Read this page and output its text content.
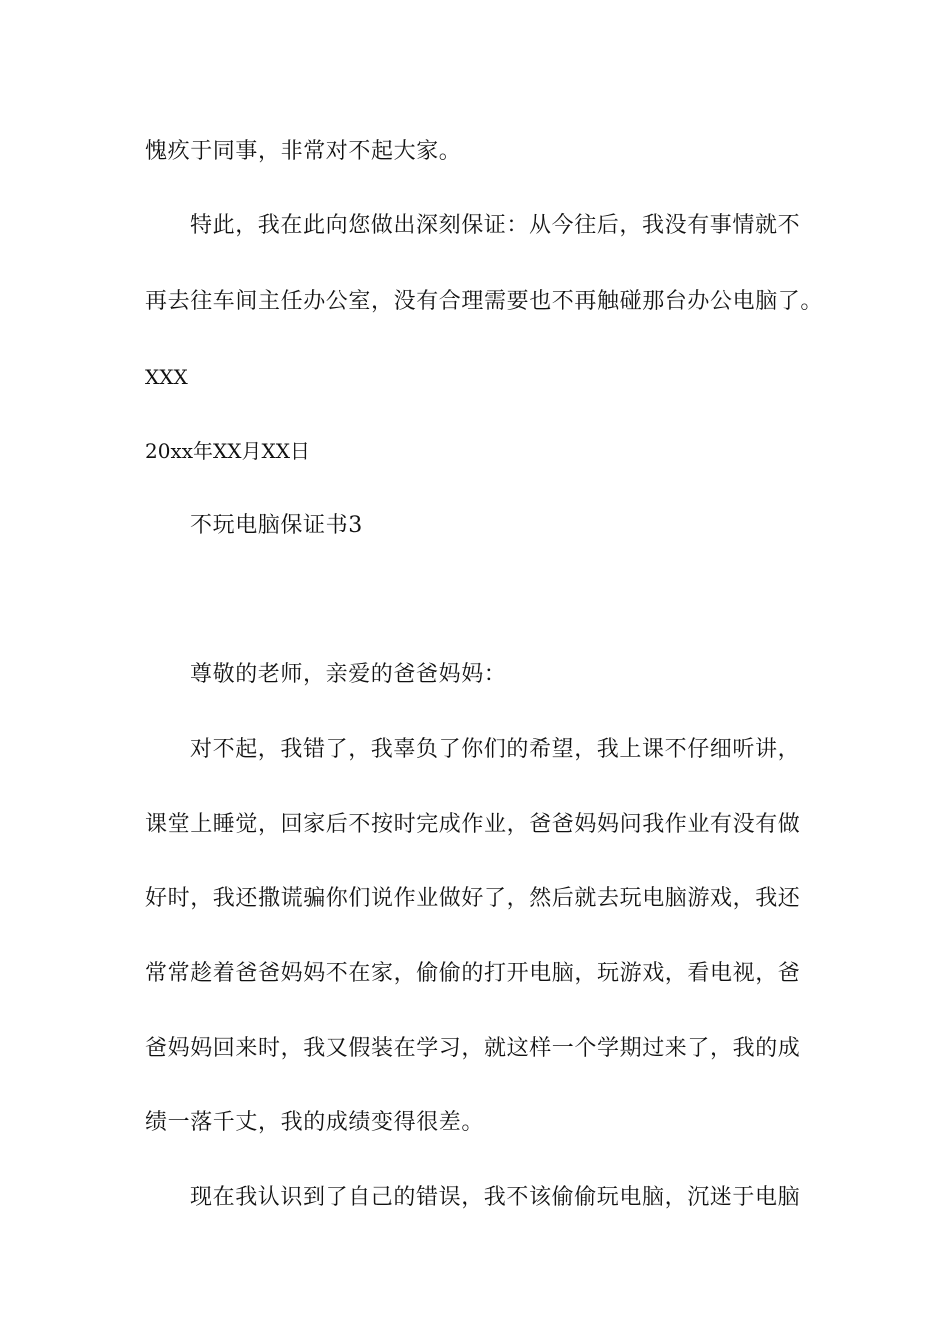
愧疚于同事，非常对不起大家。
特此，我在此向您做出深刻保证：从今往后，我没有事情就不
再去往车间主任办公室，没有合理需要也不再触碰那台办公电脑了。
XXX
20xx年XX月XX日
不玩电脑保证书3
尊敬的老师，亲爱的爸爸妈妈：
对不起，我错了，我辜负了你们的希望，我上课不仔细听讲，
课堂上睡觉，回家后不按时完成作业，爸爸妈妈问我作业有没有做
好时，我还撒谎骗你们说作业做好了，然后就去玩电脑游戏，我还
常常趁着爸爸妈妈不在家，偷偷的打开电脑，玩游戏，看电视，爸
爸妈妈回来时，我又假装在学习，就这样一个学期过来了，我的成
绩一落千丈，我的成绩变得很差。
现在我认识到了自己的错误，我不该偷偷玩电脑，沉迷于电脑
